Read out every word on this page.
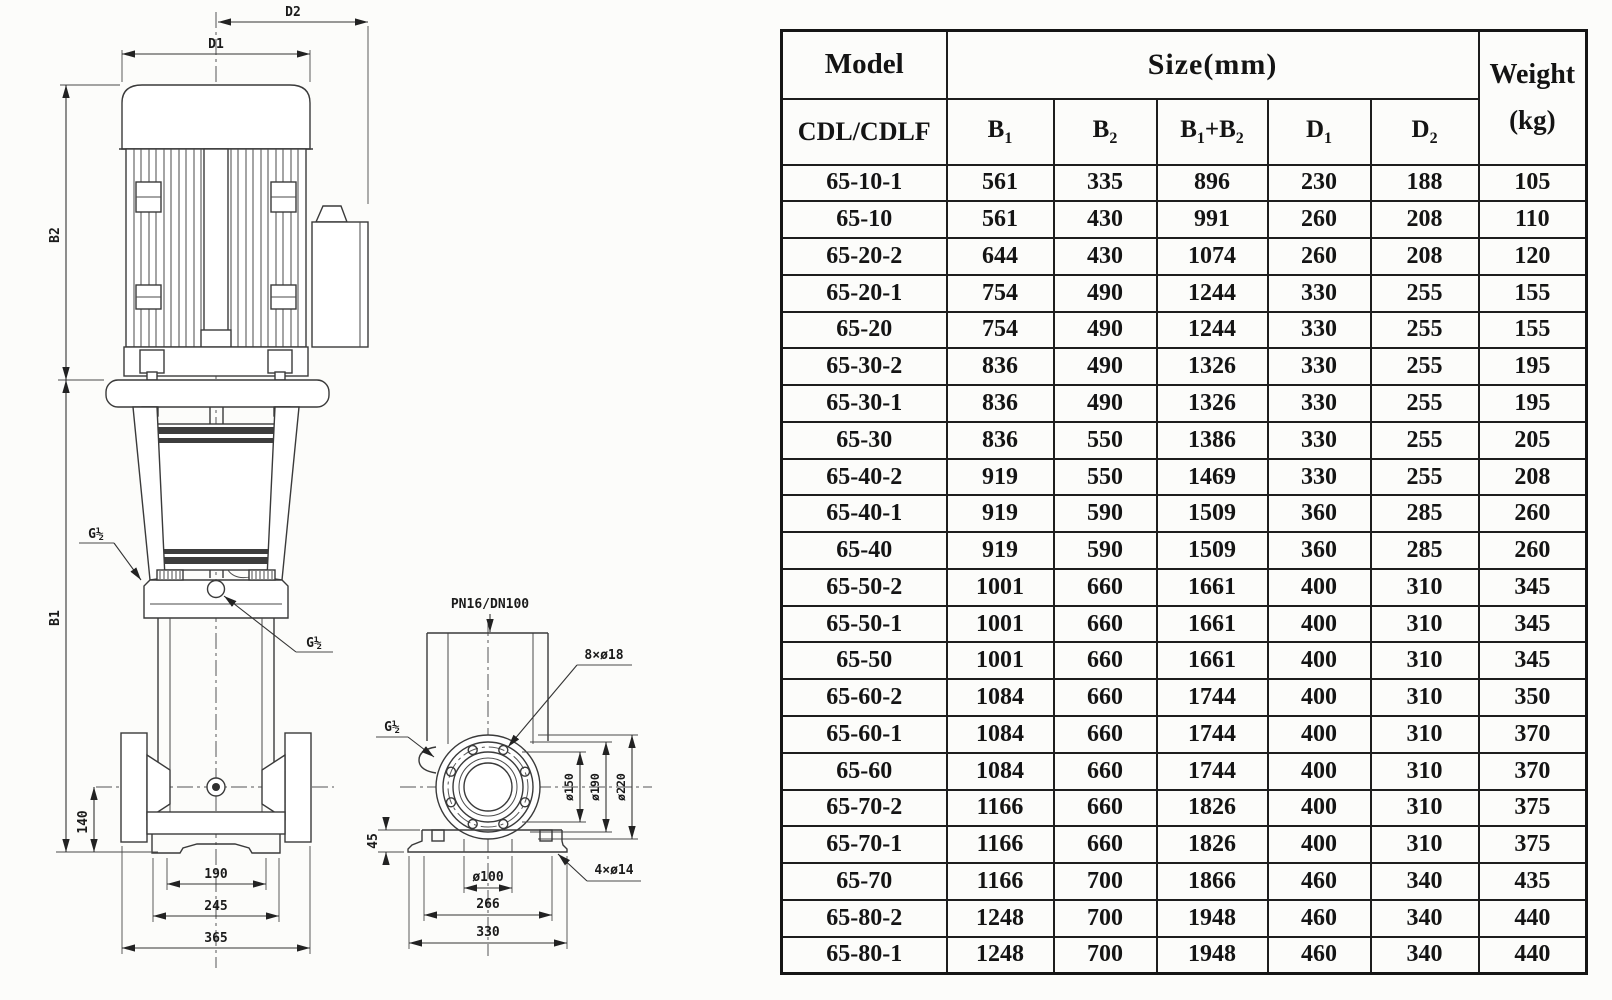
D2
D1
B2
B1
140
190
245
365
G½
G½
PN16/DN100
G½
8×ø18
ø150 ø190 ø220
ø100
266
330
45
4×ø14
Model	Size(mm)					Weight
(kg)

CDL/CDLF	$B_1$	$B_2$	$B_1+B_2$	$D_1$	$D_2$
65-10-1	561	335	896	230	188	105
65-10	561	430	991	260	208	110
65-20-2	644	430	1074	260	208	120
65-20-1	754	490	1244	330	255	155
65-20	754	490	1244	330	255	155
65-30-2	836	490	1326	330	255	195
65-30-1	836	490	1326	330	255	195
65-30	836	550	1386	330	255	205
65-40-2	919	550	1469	330	255	208
65-40-1	919	590	1509	360	285	260
65-40	919	590	1509	360	285	260
65-50-2	1001	660	1661	400	310	345
65-50-1	1001	660	1661	400	310	345
65-50	1001	660	1661	400	310	345
65-60-2	1084	660	1744	400	310	350
65-60-1	1084	660	1744	400	310	370
65-60	1084	660	1744	400	310	370
65-70-2	1166	660	1826	400	310	375
65-70-1	1166	660	1826	400	310	375
65-70	1166	700	1866	460	340	435
65-80-2	1248	700	1948	460	340	440
65-80-1	1248	700	1948	460	340	440
